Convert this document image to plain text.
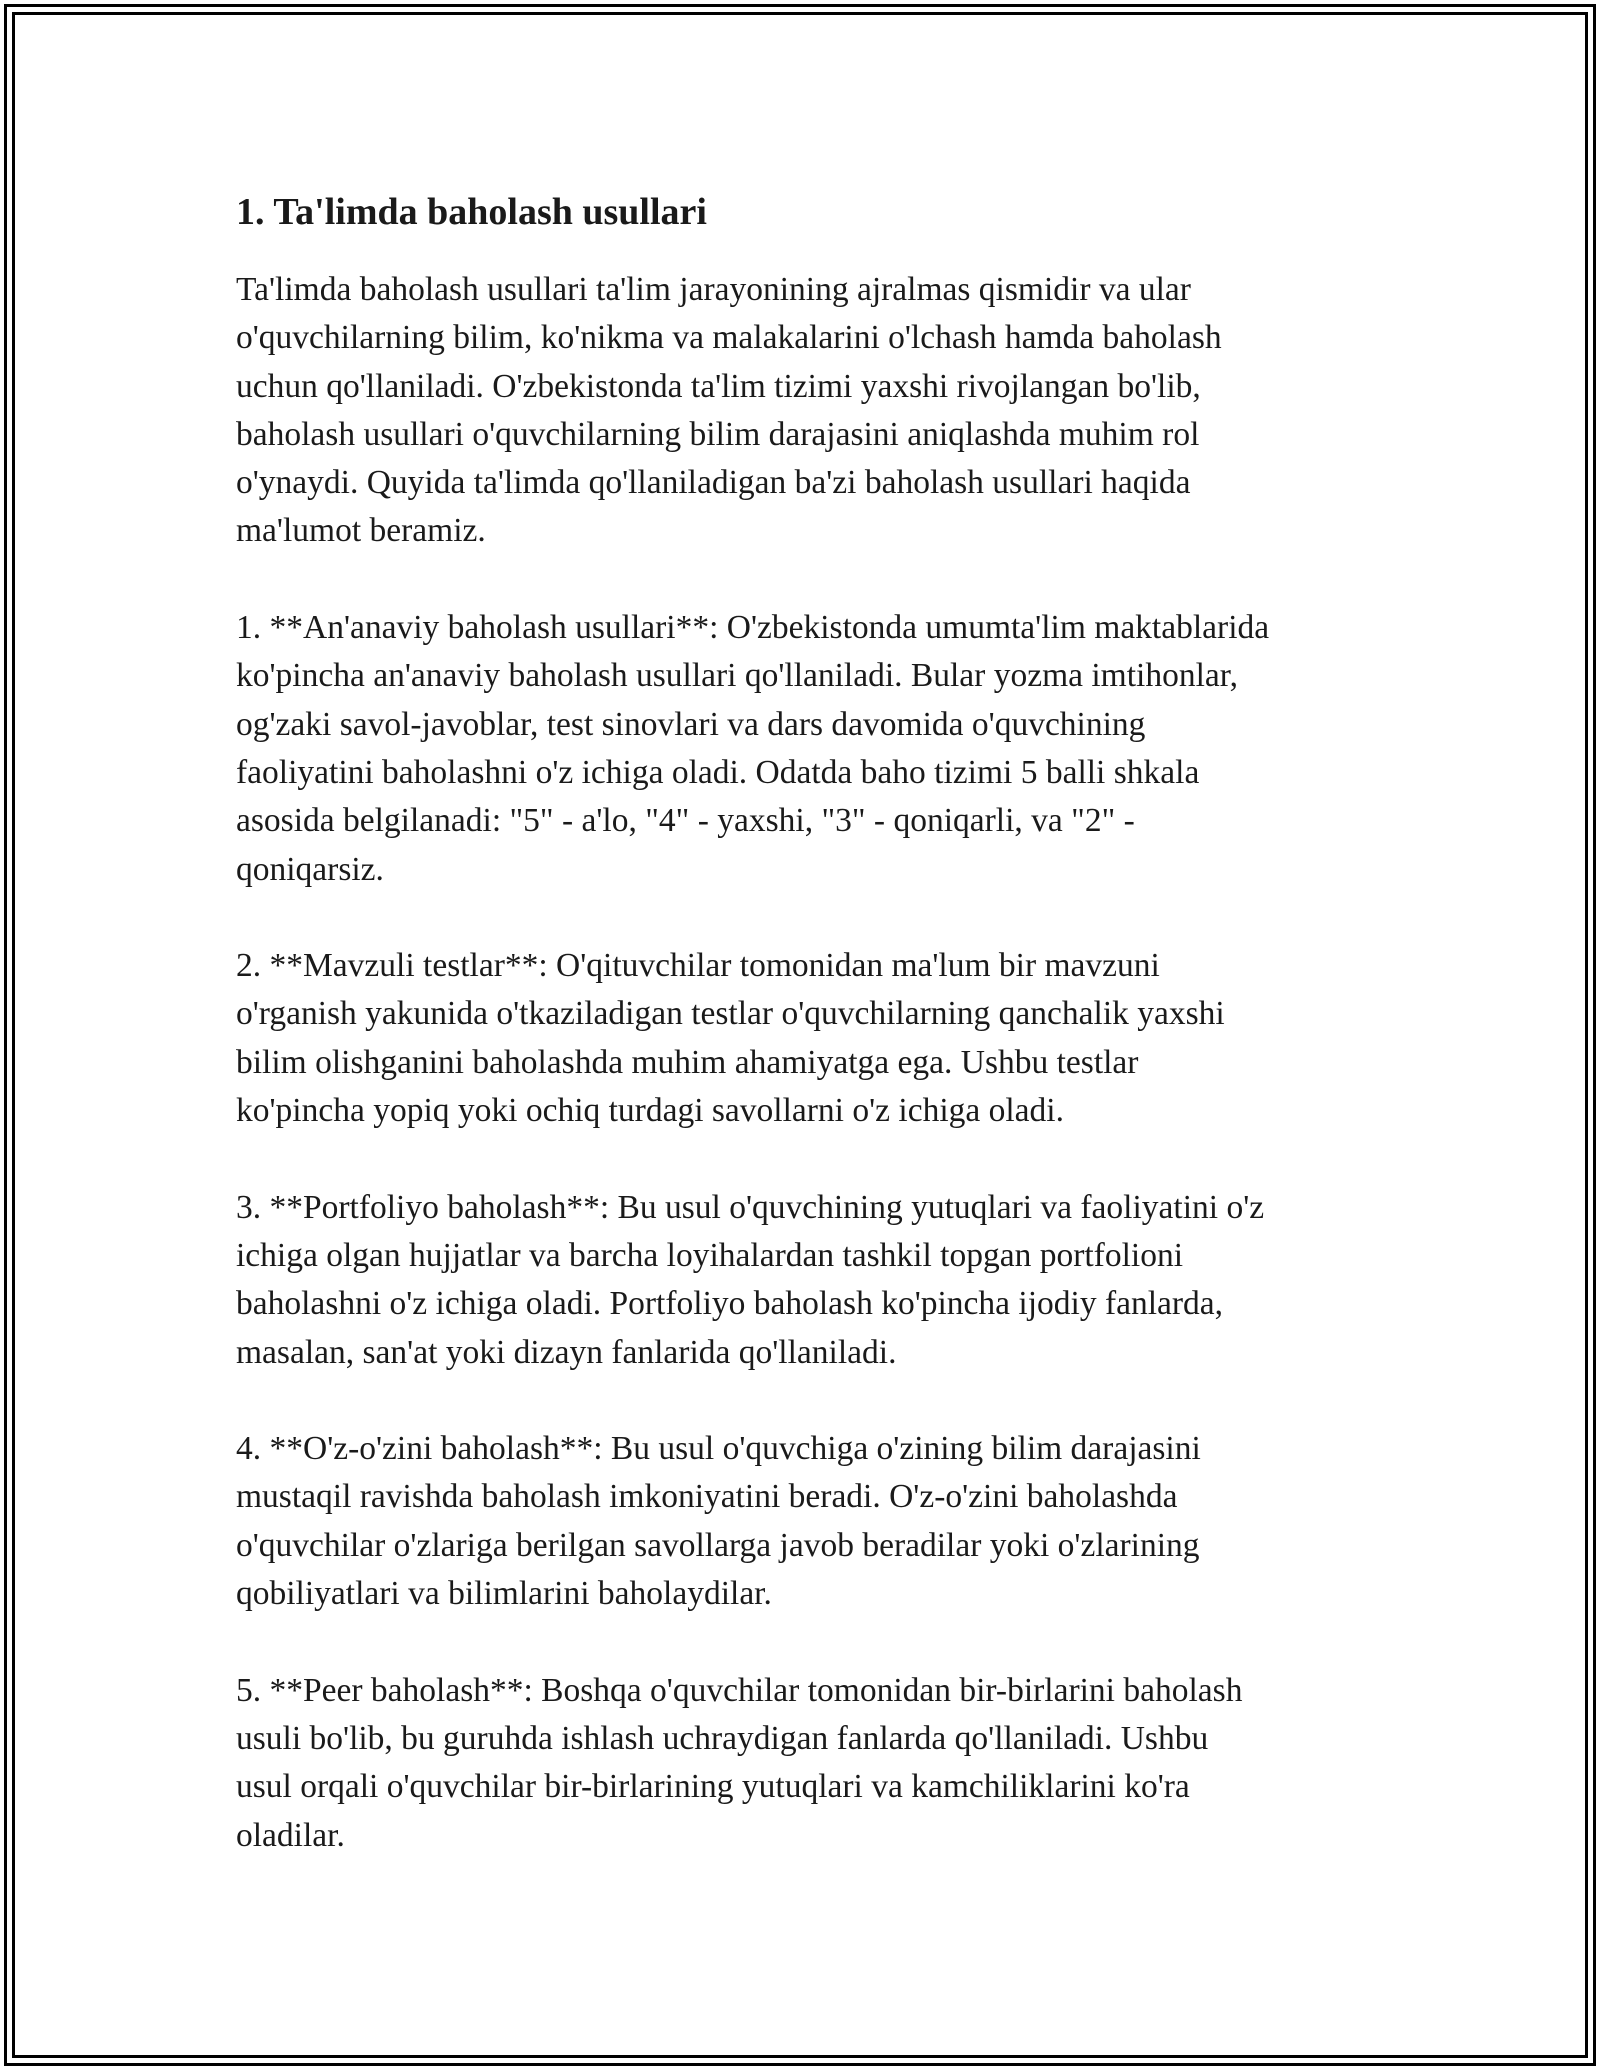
1. Ta'limda baholash usullari

Ta'limda baholash usullari ta'lim jarayonining ajralmas qismidir va ular
o'quvchilarning bilim, ko'nikma va malakalarini o'lchash hamda baholash
uchun qo'llaniladi. O'zbekistonda ta'lim tizimi yaxshi rivojlangan bo'lib,
baholash usullari o'quvchilarning bilim darajasini aniqlashda muhim rol
o'ynaydi. Quyida ta'limda qo'llaniladigan ba'zi baholash usullari haqida
ma'lumot beramiz.

1. **An'anaviy baholash usullari**: O'zbekistonda umumta'lim maktablarida
ko'pincha an'anaviy baholash usullari qo'llaniladi. Bular yozma imtihonlar,
og'zaki savol-javoblar, test sinovlari va dars davomida o'quvchining
faoliyatini baholashni o'z ichiga oladi. Odatda baho tizimi 5 balli shkala
asosida belgilanadi: "5" - a'lo, "4" - yaxshi, "3" - qoniqarli, va "2" -
qoniqarsiz.

2. **Mavzuli testlar**: O'qituvchilar tomonidan ma'lum bir mavzuni
o'rganish yakunida o'tkaziladigan testlar o'quvchilarning qanchalik yaxshi
bilim olishganini baholashda muhim ahamiyatga ega. Ushbu testlar
ko'pincha yopiq yoki ochiq turdagi savollarni o'z ichiga oladi.

3. **Portfoliyo baholash**: Bu usul o'quvchining yutuqlari va faoliyatini o'z
ichiga olgan hujjatlar va barcha loyihalardan tashkil topgan portfolioni
baholashni o'z ichiga oladi. Portfoliyo baholash ko'pincha ijodiy fanlarda,
masalan, san'at yoki dizayn fanlarida qo'llaniladi.

4. **O'z-o'zini baholash**: Bu usul o'quvchiga o'zining bilim darajasini
mustaqil ravishda baholash imkoniyatini beradi. O'z-o'zini baholashda
o'quvchilar o'zlariga berilgan savollarga javob beradilar yoki o'zlarining
qobiliyatlari va bilimlarini baholaydilar.

5. **Peer baholash**: Boshqa o'quvchilar tomonidan bir-birlarini baholash
usuli bo'lib, bu guruhda ishlash uchraydigan fanlarda qo'llaniladi. Ushbu
usul orqali o'quvchilar bir-birlarining yutuqlari va kamchiliklarini ko'ra
oladilar.
